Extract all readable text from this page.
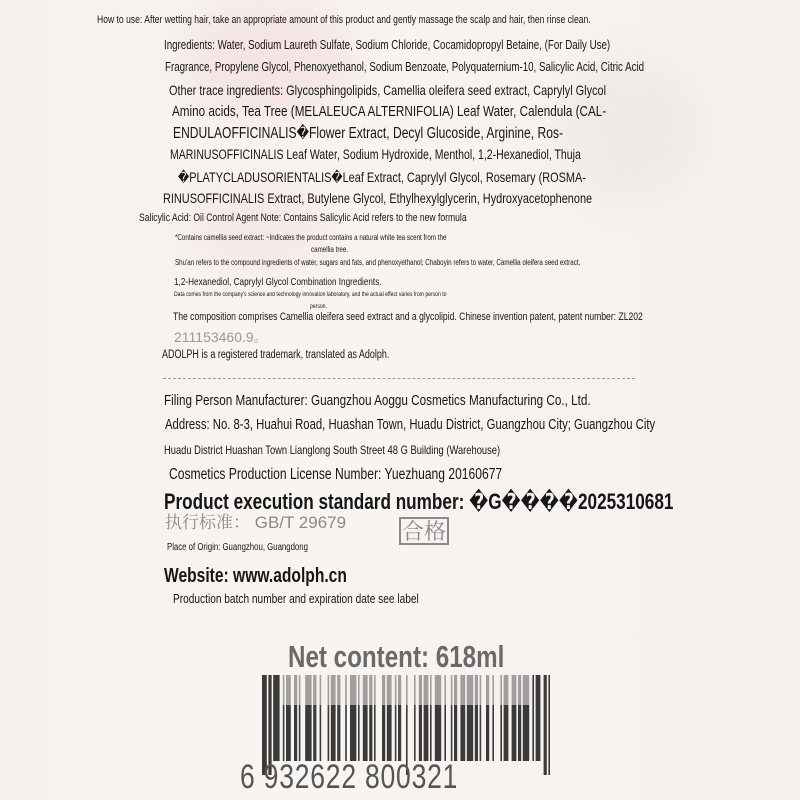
How to use: After wetting hair, take an appropriate amount of this product and gently massage the scalp and hair, then rinse clean.
Ingredients: Water, Sodium Laureth Sulfate, Sodium Chloride, Cocamidopropyl Betaine, (For Daily Use)
Fragrance, Propylene Glycol, Phenoxyethanol, Sodium Benzoate, Polyquaternium-10, Salicylic Acid, Citric Acid
Other trace ingredients: Glycosphingolipids, Camellia oleifera seed extract, Caprylyl Glycol
Amino acids, Tea Tree (MELALEUCA ALTERNIFOLIA) Leaf Water, Calendula (CAL-
ENDULAOFFICINALIS�Flower Extract, Decyl Glucoside, Arginine, Ros-
MARINUSOFFICINALIS Leaf Water, Sodium Hydroxide, Menthol, 1,2-Hexanediol, Thuja
�PLATYCLADUSORIENTALIS�Leaf Extract, Caprylyl Glycol, Rosemary (ROSMA-
RINUSOFFICINALIS Extract, Butylene Glycol, Ethylhexylglycerin, Hydroxyacetophenone
Salicylic Acid: Oil Control Agent Note: Contains Salicylic Acid refers to the new formula
*Contains camellia seed extract: ~Indicates the product contains a natural white tea scent from the
camellia tree.
Shu'an refers to the compound ingredients of water, sugars and fats, and phenoxyethanol; Chaboyin refers to water, Camellia oleifera seed extract,
1,2-Hexanediol, Caprylyl Glycol Combination Ingredients.
Data comes from the company's science and technology innovation laboratory, and the actual effect varies from person to
person.
The composition comprises Camellia oleifera seed extract and a glycolipid. Chinese invention patent, patent number: ZL202
211153460.9。
ADOLPH is a registered trademark, translated as Adolph.
Filing Person Manufacturer: Guangzhou Aoggu Cosmetics Manufacturing Co., Ltd.
Address: No. 8-3, Huahui Road, Huashan Town, Huadu District, Guangzhou City; Guangzhou City
Huadu District Huashan Town Lianglong South Street 48 G Building (Warehouse)
Cosmetics Production License Number: Yuezhuang 20160677
Product execution standard number: �G����2025310681
执行标准： GB/T 29679	合格
Place of Origin: Guangzhou, Guangdong
Website: www.adolph.cn
Production batch number and expiration date see label
Net content: 618ml
6 932622 800321
